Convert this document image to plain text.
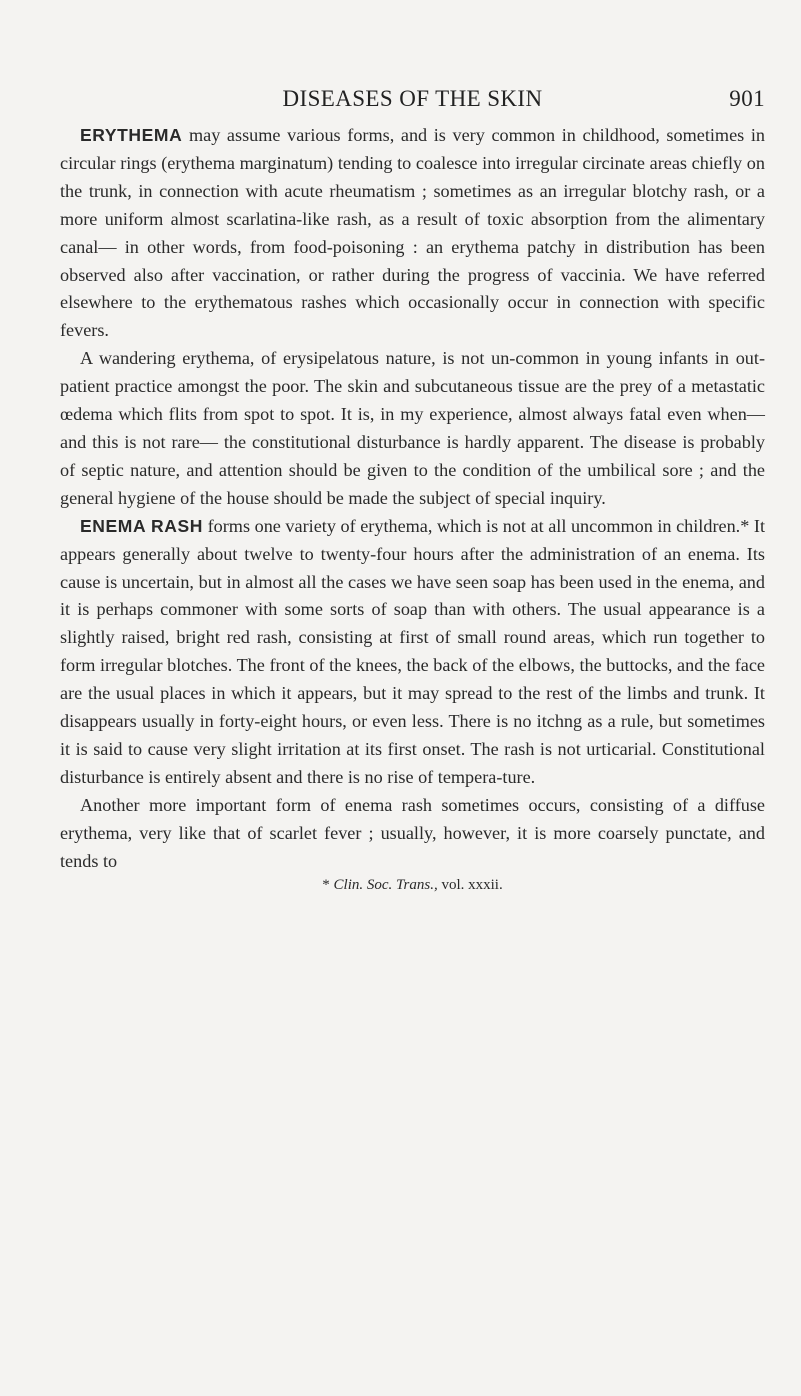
DISEASES OF THE SKIN	901

ERYTHEMA may assume various forms, and is very common in childhood, sometimes in circular rings (erythema marginatum) tending to coalesce into irregular circinate areas chiefly on the trunk, in connection with acute rheumatism ; sometimes as an irregular blotchy rash, or a more uniform almost scarlatina-like rash, as a result of toxic absorption from the alimentary canal— in other words, from food-poisoning : an erythema patchy in distribution has been observed also after vaccination, or rather during the progress of vaccinia. We have referred elsewhere to the erythematous rashes which occasionally occur in connection with specific fevers.

A wandering erythema, of erysipelatous nature, is not un-common in young infants in out-patient practice amongst the poor. The skin and subcutaneous tissue are the prey of a metastatic œdema which flits from spot to spot. It is, in my experience, almost always fatal even when—and this is not rare— the constitutional disturbance is hardly apparent. The disease is probably of septic nature, and attention should be given to the condition of the umbilical sore ; and the general hygiene of the house should be made the subject of special inquiry.

ENEMA RASH forms one variety of erythema, which is not at all uncommon in children.* It appears generally about twelve to twenty-four hours after the administration of an enema. Its cause is uncertain, but in almost all the cases we have seen soap has been used in the enema, and it is perhaps commoner with some sorts of soap than with others. The usual appearance is a slightly raised, bright red rash, consisting at first of small round areas, which run together to form irregular blotches. The front of the knees, the back of the elbows, the buttocks, and the face are the usual places in which it appears, but it may spread to the rest of the limbs and trunk. It disappears usually in forty-eight hours, or even less. There is no itchng as a rule, but sometimes it is said to cause very slight irritation at its first onset. The rash is not urticarial. Constitutional disturbance is entirely absent and there is no rise of tempera-ture.

Another more important form of enema rash sometimes occurs, consisting of a diffuse erythema, very like that of scarlet fever ; usually, however, it is more coarsely punctate, and tends to

* Clin. Soc. Trans., vol. xxxii.
